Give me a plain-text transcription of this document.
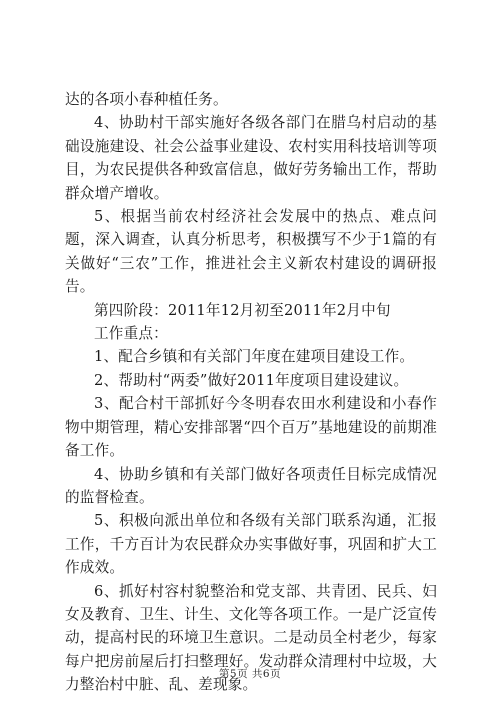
达的各项小春种植任务。

4、协助村干部实施好各级各部门在腊乌村启动的基础设施建设、社会公益事业建设、农村实用科技培训等项目，为农民提供各种致富信息，做好劳务输出工作，帮助群众增产增收。

5、根据当前农村经济社会发展中的热点、难点问题，深入调查，认真分析思考，积极撰写不少于1篇的有关做好“三农”工作，推进社会主义新农村建设的调研报告。

第四阶段：2011年12月初至2011年2月中旬

工作重点：

1、配合乡镇和有关部门年度在建项目建设工作。

2、帮助村“两委”做好2011年度项目建设建议。

3、配合村干部抓好今冬明春农田水利建设和小春作物中期管理，精心安排部署“四个百万”基地建设的前期准备工作。

4、协助乡镇和有关部门做好各项责任目标完成情况的监督检查。

5、积极向派出单位和各级有关部门联系沟通，汇报工作，千方百计为农民群众办实事做好事，巩固和扩大工作成效。

6、抓好村容村貌整治和党支部、共青团、民兵、妇女及教育、卫生、计生、文化等各项工作。一是广泛宣传动，提高村民的环境卫生意识。二是动员全村老少，每家每户把房前屋后打扫整理好。发动群众清理村中垃圾，大力整治村中脏、乱、差现象。

第5页 共6页
